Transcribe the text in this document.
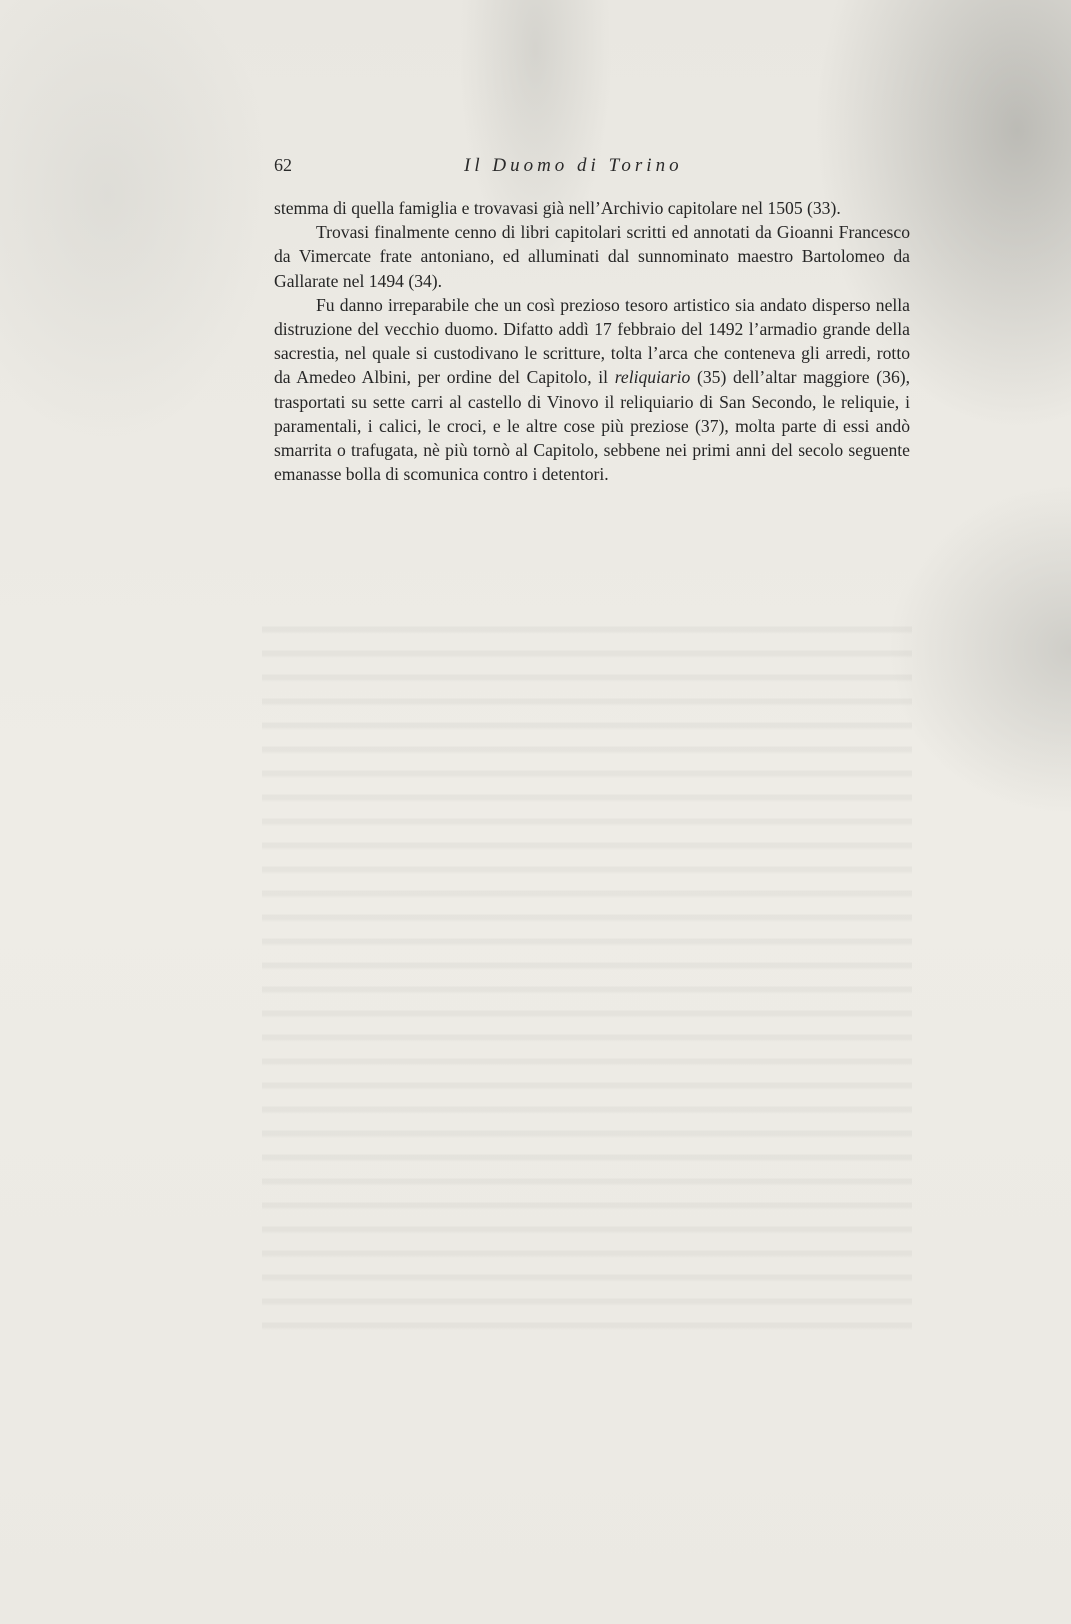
62	Il Duomo di Torino

stemma di quella famiglia e trovavasi già nell’Archivio capitolare nel 1505 (33).

Trovasi finalmente cenno di libri capitolari scritti ed annotati da Gioanni Francesco da Vimercate frate antoniano, ed alluminati dal sunnominato maestro Bartolomeo da Gallarate nel 1494 (34).

Fu danno irreparabile che un così prezioso tesoro artistico sia andato disperso nella distruzione del vecchio duomo. Difatto addì 17 febbraio del 1492 l’armadio grande della sacrestia, nel quale si custodivano le scritture, tolta l’arca che conteneva gli arredi, rotto da Amedeo Albini, per ordine del Capitolo, il reliquiario (35) dell’altar maggiore (36), trasportati su sette carri al castello di Vinovo il reliquiario di San Secondo, le reliquie, i paramentali, i calici, le croci, e le altre cose più preziose (37), molta parte di essi andò smarrita o trafugata, nè più tornò al Capitolo, sebbene nei primi anni del secolo seguente emanasse bolla di scomunica contro i detentori.
